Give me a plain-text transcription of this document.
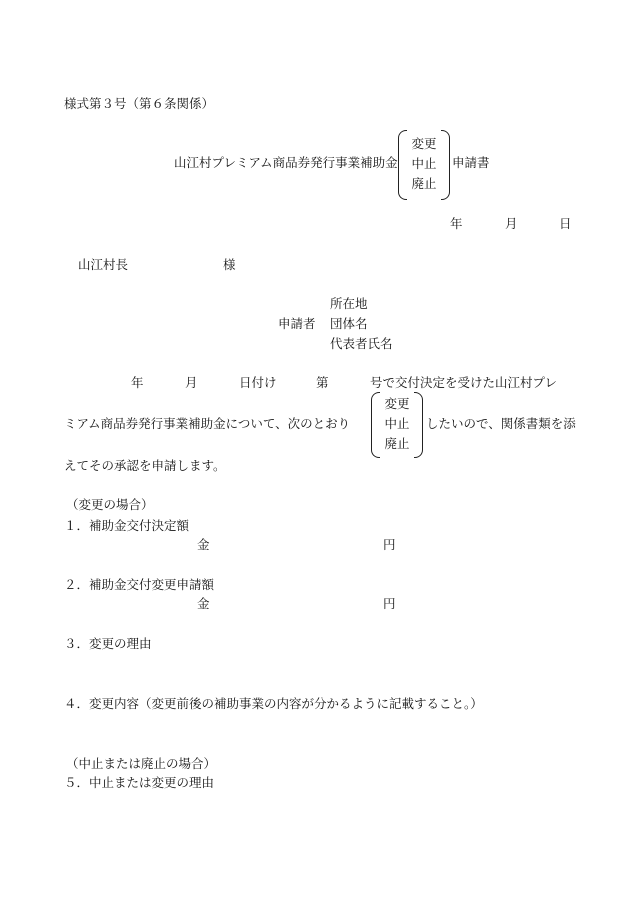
様式第３号（第６条関係）
山江村プレミアム商品券発行事業補助金
変更
中止
廃止
申請書
年	月	日
山江村長	様
所在地
申請者 団体名
代表者氏名
年	月	日付け	第	号で交付決定を受けた山江村プレ
ミアム商品券発行事業補助金について、次のとおり
変更
中止
廃止
したいので、関係書類を添
えてその承認を申請します。
（変更の場合）
１．補助金交付決定額
金	円
２．補助金交付変更申請額
金	円
３．変更の理由
４．変更内容（変更前後の補助事業の内容が分かるように記載すること。）
（中止または廃止の場合）
５．中止または変更の理由
